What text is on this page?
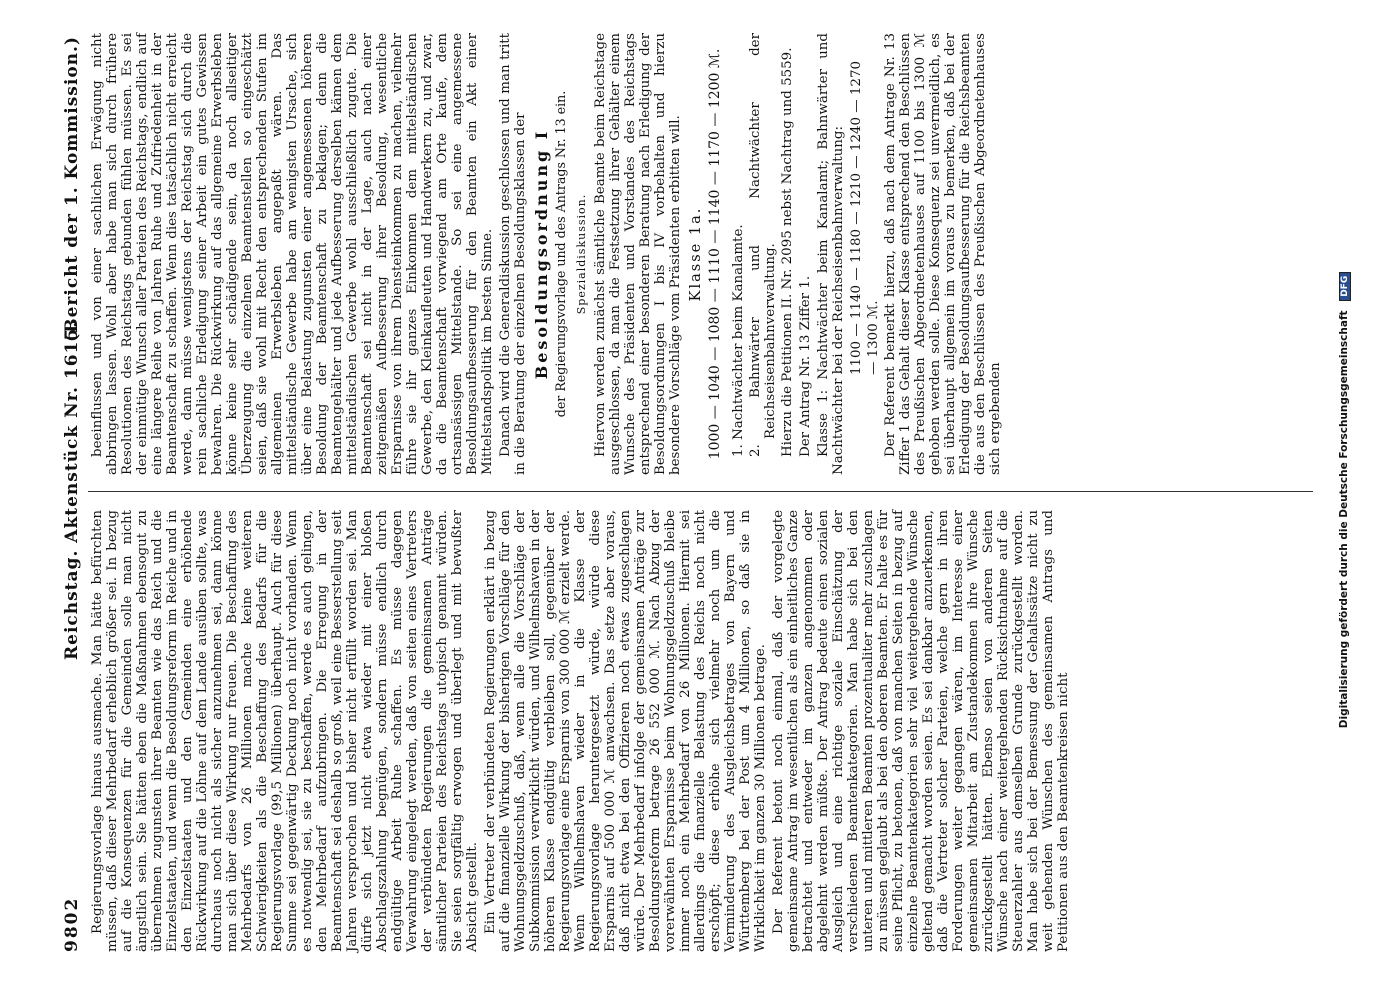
9802
Reichstag. Aktenstück Nr. 1615.
(Bericht der 1. Kommission.)

Regierungsvorlage hinaus ausmache. Man hätte befürchten müssen, daß dieser Mehrbedarf erheblich größer sei. In bezug auf die Konsequenzen für die Gemeinden solle man nicht ängstlich sein. Sie hätten eben die Maßnahmen ebensogut zu übernehmen zugunsten ihrer Beamten wie das Reich und die Einzelstaaten, und wenn die Besoldungsreform im Reiche und in den Einzelstaaten und den Gemeinden eine erhöhende Rückwirkung auf die Löhne auf dem Lande ausüben sollte, was durchaus noch nicht als sicher anzunehmen sei, dann könne man sich über diese Wirkung nur freuen. Die Beschaffung des Mehrbedarfs von 26 Millionen mache keine weiteren Schwierigkeiten als die Beschaffung des Bedarfs für die Regierungsvorlage (99,5 Millionen) überhaupt. Auch für diese Summe sei gegenwärtig Deckung noch nicht vorhanden. Wenn es notwendig sei, sie zu beschaffen, werde es auch gelingen, den Mehrbedarf aufzubringen. Die Erregung in der Beamtenschaft sei deshalb so groß, weil eine Besserstellung seit Jahren versprochen und bisher nicht erfüllt worden sei. Man dürfe sich jetzt nicht etwa wieder mit einer bloßen Abschlagszahlung begnügen, sondern müsse endlich durch endgültige Arbeit Ruhe schaffen. Es müsse dagegen Verwahrung eingelegt werden, daß von seiten eines Vertreters der verbündeten Regierungen die gemeinsamen Anträge sämtlicher Parteien des Reichstags utopisch genannt würden. Sie seien sorgfältig erwogen und überlegt und mit bewußter Absicht gestellt. Ein Vertreter der verbündeten Regierungen erklärt in bezug auf die finanzielle Wirkung der bisherigen Vorschläge für den Wohnungsgeldzuschuß, daß, wenn alle die Vorschläge der Subkommission verwirklicht würden, und Wilhelmshaven in der höheren Klasse endgültig verbleiben soll, gegenüber der Regierungsvorlage eine Ersparnis von 300 000 ℳ erzielt werde. Wenn Wilhelmshaven wieder in die Klasse der Regierungsvorlage heruntergesetzt würde, würde diese Ersparnis auf 500 000 ℳ anwachsen. Das setze aber voraus, daß nicht etwa bei den Offizieren noch etwas zugeschlagen würde. Der Mehrbedarf infolge der gemeinsamen Anträge zur Besoldungsreform betrage 26 552 000 ℳ. Nach Abzug der vorerwähnten Ersparnisse beim Wohnungsgeldzuschuß bleibe immer noch ein Mehrbedarf von 26 Millionen. Hiermit sei allerdings die finanzielle Belastung des Reichs noch nicht erschöpft; diese erhöhe sich vielmehr noch um die Verminderung des Ausgleichsbetrages von Bayern und Württemberg bei der Post um 4 Millionen, so daß sie in Wirklichkeit im ganzen 30 Millionen betrage. Der Referent betont noch einmal, daß der vorgelegte gemeinsame Antrag im wesentlichen als ein einheitliches Ganze betrachtet und entweder im ganzen angenommen oder abgelehnt werden müßte. Der Antrag bedeute einen sozialen Ausgleich und eine richtige soziale Einschätzung der verschiedenen Beamtenkategorien. Man habe sich bei den unteren und mittleren Beamten prozentualiter mehr zuschlagen zu müssen geglaubt als bei den oberen Beamten. Er halte es für seine Pflicht, zu betonen, daß von manchen Seiten in bezug auf einzelne Beamtenkategorien sehr viel weitergehende Wünsche geltend gemacht worden seien. Es sei dankbar anzuerkennen, daß die Vertreter solcher Parteien, welche gern in ihren Forderungen weiter gegangen wären, im Interesse einer gemeinsamen Mitarbeit am Zustandekommen ihre Wünsche zurückgestellt hätten. Ebenso seien von anderen Seiten Wünsche nach einer weitergehenden Rücksichtnahme auf die Steuerzahler aus demselben Grunde zurückgestellt worden. Man habe sich bei der Bemessung der Gehaltssätze nicht zu weit gehenden Wünschen des gemeinsamen Antrags und Petitionen aus den Beamtenkreisen nicht

beeinflussen und von einer sachlichen Erwägung nicht abbringen lassen. Wohl aber habe man sich durch frühere Resolutionen des Reichstags gebunden fühlen müssen. Es sei der einmütige Wunsch aller Parteien des Reichstags, endlich auf eine längere Reihe von Jahren Ruhe und Zufriedenheit in der Beamtenschaft zu schaffen. Wenn dies tatsächlich nicht erreicht werde, dann müsse wenigstens der Reichstag sich durch die rein sachliche Erledigung seiner Arbeit ein gutes Gewissen bewahren. Die Rückwirkung auf das allgemeine Erwerbsleben könne keine sehr schädigende sein, da noch allseitiger Überzeugung die einzelnen Beamtenstellen so eingeschätzt seien, daß sie wohl mit Recht den entsprechenden Stufen im allgemeinen Erwerbsleben angepaßt wären. Das mittelständische Gewerbe habe am wenigsten Ursache, sich über eine Belastung zugunsten einer angemessenen höheren Besoldung der Beamtenschaft zu beklagen; denn die Beamtengehälter und jede Aufbesserung derselben kämen dem mittelständischen Gewerbe wohl ausschließlich zugute. Die Beamtenschaft sei nicht in der Lage, auch nach einer zeitgemäßen Aufbesserung ihrer Besoldung, wesentliche Ersparnisse von ihrem Diensteinkommen zu machen, vielmehr führe sie ihr ganzes Einkommen dem mittelständischen Gewerbe, den Kleinkaufleuten und Handwerkern zu, und zwar, da die Beamtenschaft vorwiegend am Orte kaufe, dem ortsansässigen Mittelstande. So sei eine angemessene Besoldungsaufbesserung für den Beamten ein Akt einer Mittelstandspolitik im besten Sinne. Danach wird die Generaldiskussion geschlossen und man tritt in die Beratung der einzelnen Besoldungsklassen der Besoldungsordnung I der Regierungsvorlage und des Antrags Nr. 13 ein. Spezialdiskussion. Hiervon werden zunächst sämtliche Beamte beim Reichstage ausgeschlossen, da man die Festsetzung ihrer Gehälter einem Wunsche des Präsidenten und Vorstandes des Reichstags entsprechend einer besonderen Beratung nach Erledigung der Besoldungsordnungen I bis IV vorbehalten und hierzu besondere Vorschläge vom Präsidenten erbitten will. Klasse 1a. 1000 — 1040 — 1080 — 1110 — 1140 — 1170 — 1200 ℳ. 1. Nachtwächter beim Kanalamte. 2. Bahnwärter und Nachtwächter der Reichseisenbahnverwaltung. Hierzu die Petitionen II. Nr. 2095 nebst Nachtrag und 5559. Der Antrag Nr. 13 Ziffer 1. Klasse 1: Nachtwächter beim Kanalamt; Bahnwärter und Nachtwächter bei der Reichseisenbahnverwaltung: 1100 — 1140 — 1180 — 1210 — 1240 — 1270 — 1300 ℳ. Der Referent bemerkt hierzu, daß nach dem Antrage Nr. 13 Ziffer 1 das Gehalt dieser Klasse entsprechend den Beschlüssen des Preußischen Abgeordnetenhauses auf 1100 bis 1300 ℳ gehoben werden solle. Diese Konsequenz sei unvermeidlich, es sei überhaupt allgemein im voraus zu bemerken, daß bei der Erledigung der Besoldungsaufbesserung für die Reichsbeamten die aus den Beschlüssen des Preußischen Abgeordnetenhauses sich ergebenden	Digitalisierung gefördert durch die Deutsche Forschungsgemeinschaft DFG
